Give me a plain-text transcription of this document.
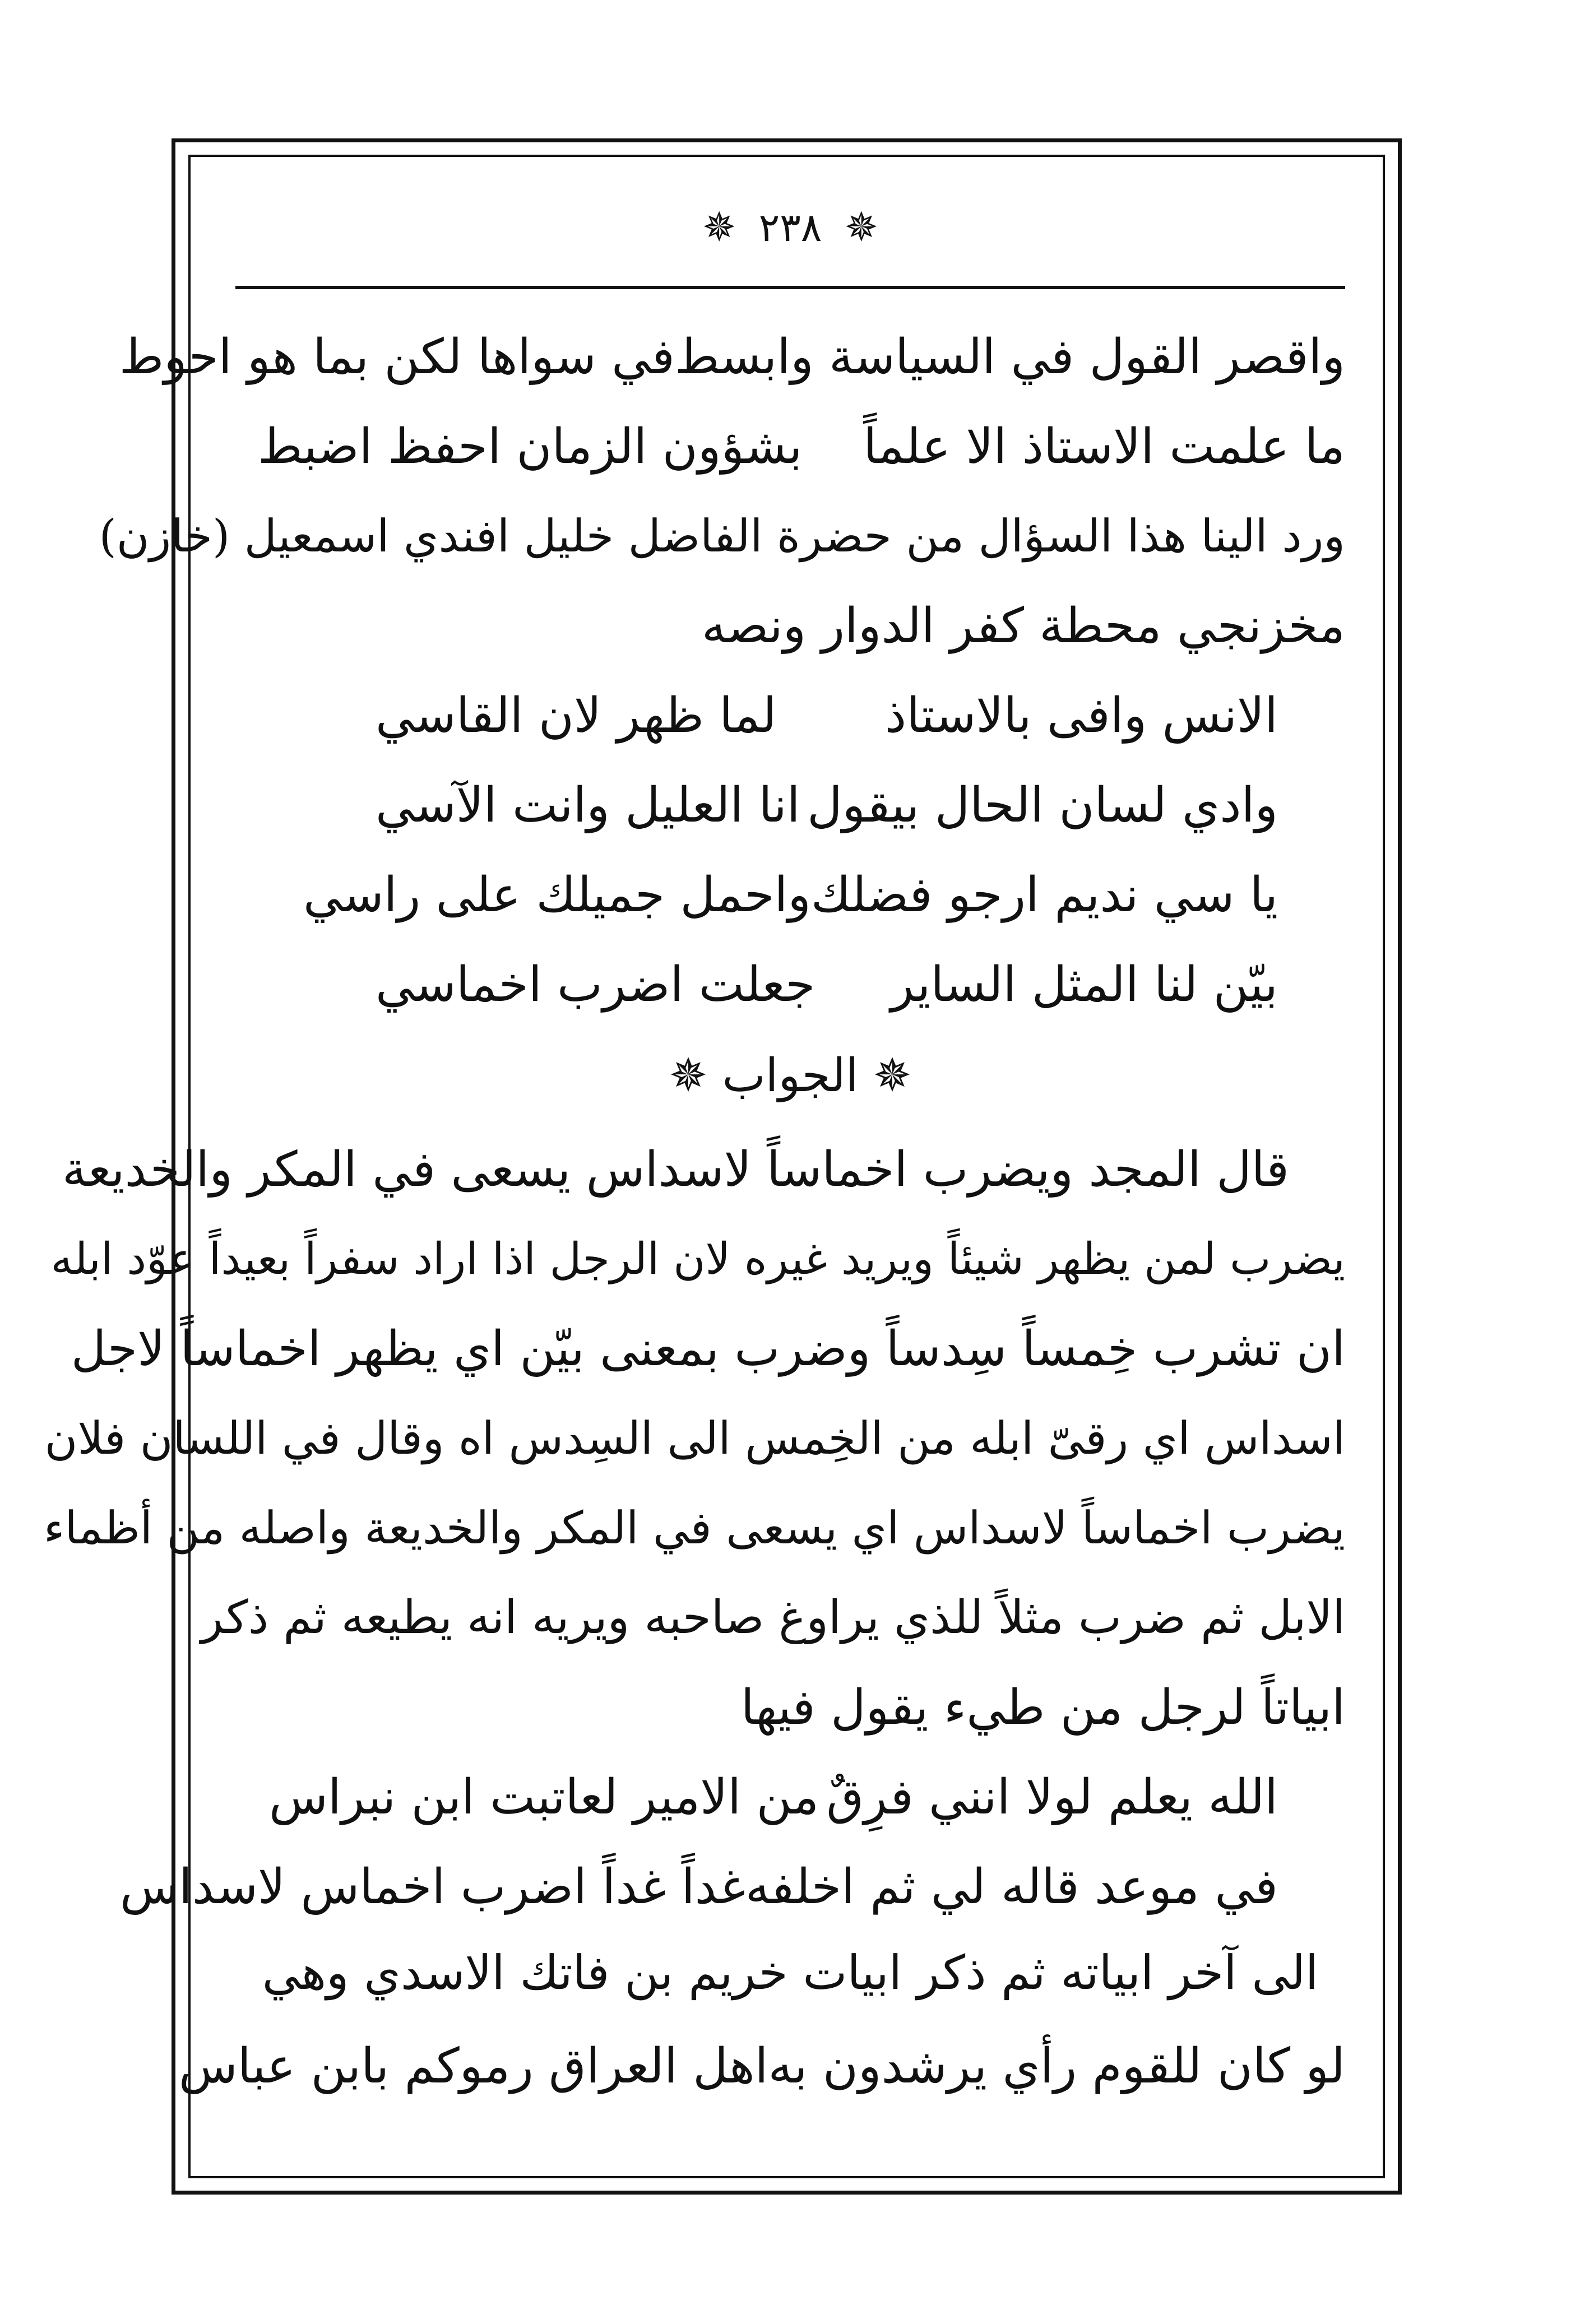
✵ ٢٣٨ ✵
واقصر القول في السياسة وابسط
في سواها لكن بما هو احوط
ما علمت الاستاذ الا علماً
بشؤون الزمان احفظ اضبط
ورد الينا هذا السؤال من حضرة الفاضل خليل افندي اسمعيل (خازن)
مخزنجي محطة كفر الدوار ونصه
الانس وافى بالاستاذ
لما ظهر لان القاسي
وادي لسان الحال بيقول
انا العليل وانت الآسي
يا سي نديم ارجو فضلك
واحمل جميلك على راسي
بيّن لنا المثل الساير
جعلت اضرب اخماسي
✵ الجواب ✵
قال المجد ويضرب اخماساً لاسداس يسعى في المكر والخديعة
يضرب لمن يظهر شيئاً ويريد غيره لان الرجل اذا اراد سفراً بعيداً عوّد ابله
ان تشرب خِمساً سِدساً وضرب بمعنى بيّن اي يظهر اخماساً لاجل
اسداس اي رقىّ ابله من الخِمس الى السِدس اه وقال في اللسان فلان
يضرب اخماساً لاسداس اي يسعى في المكر والخديعة واصله من أظماء
الابل ثم ضرب مثلاً للذي يراوغ صاحبه ويريه انه يطيعه ثم ذكر
ابياتاً لرجل من طيء يقول فيها
الله يعلم لولا انني فرِقٌ
من الامير لعاتبت ابن نبراس
في موعد قاله لي ثم اخلفه
غداً غداً اضرب اخماس لاسداس
الى آخر ابياته ثم ذكر ابيات خريم بن فاتك الاسدي وهي
لو كان للقوم رأي يرشدون به
اهل العراق رموكم بابن عباس
